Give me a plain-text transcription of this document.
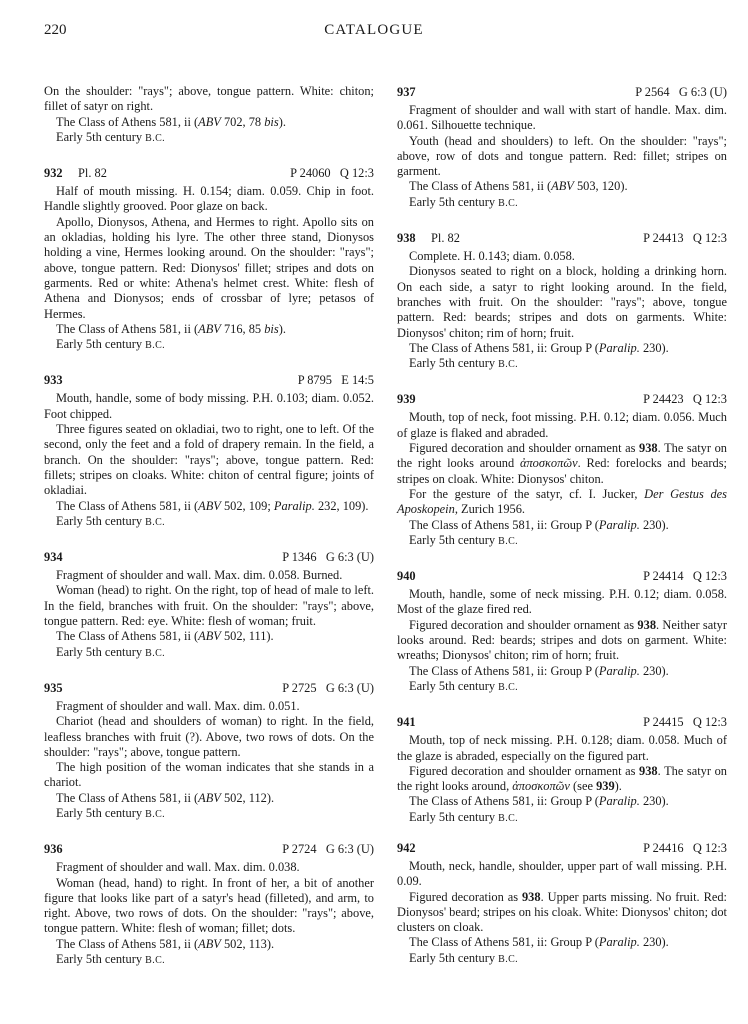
220	CATALOGUE

On the shoulder: "rays"; above, tongue pattern. White: chiton; fillet of satyr on right.

The Class of Athens 581, ii (ABV 702, 78 bis).

Early 5th century B.C.

932 Pl. 82	P 24060   Q 12:3

Half of mouth missing. H. 0.154; diam. 0.059. Chip in foot. Handle slightly grooved. Poor glaze on back.

Apollo, Dionysos, Athena, and Hermes to right. Apollo sits on an okladias, holding his lyre. The other three stand, Dionysos holding a vine, Hermes looking around. On the shoulder: "rays"; above, tongue pattern. Red: Dionysos' fillet; stripes and dots on garments. Red or white: Athena's helmet crest. White: flesh of Athena and Dionysos; ends of crossbar of lyre; petasos of Hermes.

The Class of Athens 581, ii (ABV 716, 85 bis).

Early 5th century B.C.

933	P 8795   E 14:5

Mouth, handle, some of body missing. P.H. 0.103; diam. 0.052. Foot chipped.

Three figures seated on okladiai, two to right, one to left. Of the second, only the feet and a fold of drapery remain. In the field, a branch. On the shoulder: "rays"; above, tongue pattern. Red: fillets; stripes on cloaks. White: chiton of central figure; joints of okladiai.

The Class of Athens 581, ii (ABV 502, 109; Paralip. 232, 109).

Early 5th century B.C.

934	P 1346   G 6:3 (U)

Fragment of shoulder and wall. Max. dim. 0.058. Burned.

Woman (head) to right. On the right, top of head of male to left. In the field, branches with fruit. On the shoulder: "rays"; above, tongue pattern. Red: eye. White: flesh of woman; fruit.

The Class of Athens 581, ii (ABV 502, 111).

Early 5th century B.C.

935	P 2725   G 6:3 (U)

Fragment of shoulder and wall. Max. dim. 0.051.

Chariot (head and shoulders of woman) to right. In the field, leafless branches with fruit (?). Above, two rows of dots. On the shoulder: "rays"; above, tongue pattern.

The high position of the woman indicates that she stands in a chariot.

The Class of Athens 581, ii (ABV 502, 112).

Early 5th century B.C.

936	P 2724   G 6:3 (U)

Fragment of shoulder and wall. Max. dim. 0.038.

Woman (head, hand) to right. In front of her, a bit of another figure that looks like part of a satyr's head (filleted), and arm, to right. Above, two rows of dots. On the shoulder: "rays"; above, tongue pattern. White: flesh of woman; fillet; dots.

The Class of Athens 581, ii (ABV 502, 113).

Early 5th century B.C.

937	P 2564   G 6:3 (U)

Fragment of shoulder and wall with start of handle. Max. dim. 0.061. Silhouette technique.

Youth (head and shoulders) to left. On the shoulder: "rays"; above, row of dots and tongue pattern. Red: fillet; stripes on garment.

The Class of Athens 581, ii (ABV 503, 120).

Early 5th century B.C.

938 Pl. 82	P 24413   Q 12:3

Complete. H. 0.143; diam. 0.058.

Dionysos seated to right on a block, holding a drinking horn. On each side, a satyr to right looking around. In the field, branches with fruit. On the shoulder: "rays"; above, tongue pattern. Red: beards; stripes and dots on garments. White: Dionysos' chiton; rim of horn; fruit.

The Class of Athens 581, ii: Group P (Paralip. 230).

Early 5th century B.C.

939	P 24423   Q 12:3

Mouth, top of neck, foot missing. P.H. 0.12; diam. 0.056. Much of glaze is flaked and abraded.

Figured decoration and shoulder ornament as 938. The satyr on the right looks around ἀποσκοπῶν. Red: forelocks and beards; stripes on cloak. White: Dionysos' chiton.

For the gesture of the satyr, cf. I. Jucker, Der Gestus des Aposkopein, Zurich 1956.

The Class of Athens 581, ii: Group P (Paralip. 230).

Early 5th century B.C.

940	P 24414   Q 12:3

Mouth, handle, some of neck missing. P.H. 0.12; diam. 0.058. Most of the glaze fired red.

Figured decoration and shoulder ornament as 938. Neither satyr looks around. Red: beards; stripes and dots on garment. White: wreaths; Dionysos' chiton; rim of horn; fruit.

The Class of Athens 581, ii: Group P (Paralip. 230).

Early 5th century B.C.

941	P 24415   Q 12:3

Mouth, top of neck missing. P.H. 0.128; diam. 0.058. Much of the glaze is abraded, especially on the figured part.

Figured decoration and shoulder ornament as 938. The satyr on the right looks around, ἀποσκοπῶν (see 939).

The Class of Athens 581, ii: Group P (Paralip. 230).

Early 5th century B.C.

942	P 24416   Q 12:3

Mouth, neck, handle, shoulder, upper part of wall missing. P.H. 0.09.

Figured decoration as 938. Upper parts missing. No fruit. Red: Dionysos' beard; stripes on his cloak. White: Dionysos' chiton; dot clusters on cloak.

The Class of Athens 581, ii: Group P (Paralip. 230).

Early 5th century B.C.
